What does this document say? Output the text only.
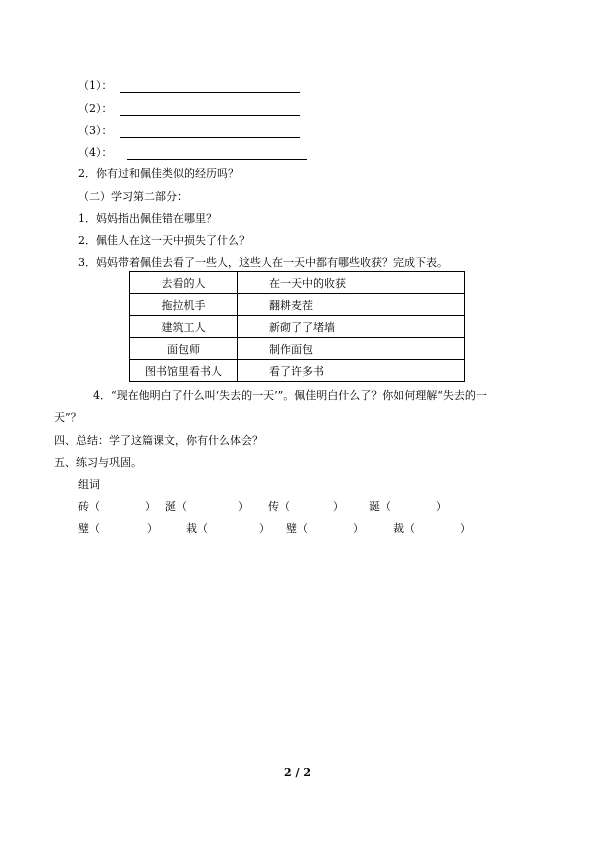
（1）：
（2）：
（3）：
（4）：
2．你有过和佩佳类似的经历吗？
（二）学习第二部分：
1．妈妈指出佩佳错在哪里？
2．佩佳人在这一天中损失了什么？
3．妈妈带着佩佳去看了一些人，这些人在一天中都有哪些收获？完成下表。
去看的人	在一天中的收获
拖拉机手	翻耕麦茬
建筑工人	新砌了了堵墙
面包师	制作面包
图书馆里看书人	看了许多书
4．“现在他明白了什么叫‘失去的一天’”。佩佳明白什么了？你如何理解“失去的一
天”？
四、总结：学了这篇课文，你有什么体会？
五、练习与巩固。
组词
砖（	） 涎（	） 传（	） 诞（	）
璧（	）	栽（	） 璧（	）	裁（	）
2 / 2
